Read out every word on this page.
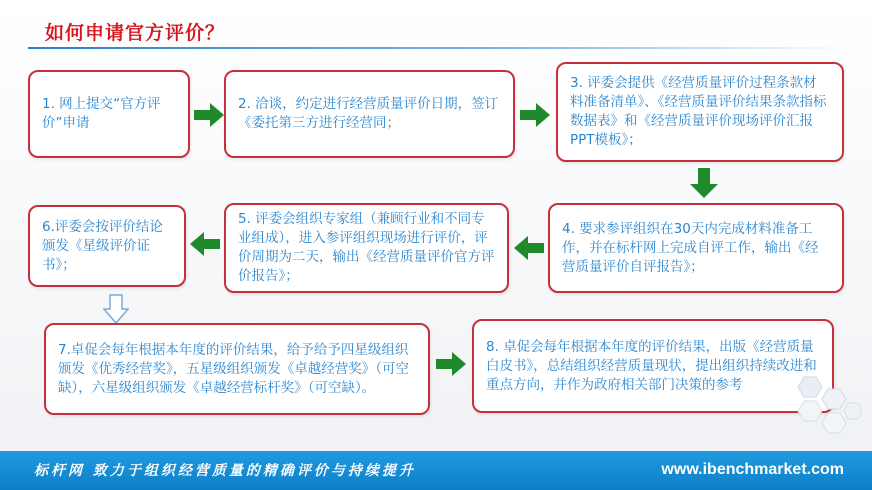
如何申请官方评价？
1. 网上提交“官方评价”申请
2. 洽谈，约定进行经营质量评价日期，签订《委托第三方进行经营同；
3. 评委会提供《经营质量评价过程条款材料准备清单》、《经营质量评价结果条款指标数据表》和《经营质量评价现场评价汇报PPT模板》；
6.评委会按评价结论颁发《星级评价证书》；
5. 评委会组织专家组（兼顾行业和不同专业组成），进入参评组织现场进行评价，评价周期为二天，输出《经营质量评价官方评价报告》；
4. 要求参评组织在30天内完成材料准备工作，并在标杆网上完成自评工作，输出《经营质量评价自评报告》；
7.卓促会每年根据本年度的评价结果，给予给予四星级组织颁发《优秀经营奖》，五星级组织颁发《卓越经营奖》（可空缺），六星级组织颁发《卓越经营标杆奖》（可空缺）。
8. 卓促会每年根据本年度的评价结果，出版《经营质量白皮书》，总结组织经营质量现状，提出组织持续改进和重点方向，并作为政府相关部门决策的参考
标杆网 致力于组织经营质量的精确评价与持续提升	www.ibenchmarket.com
